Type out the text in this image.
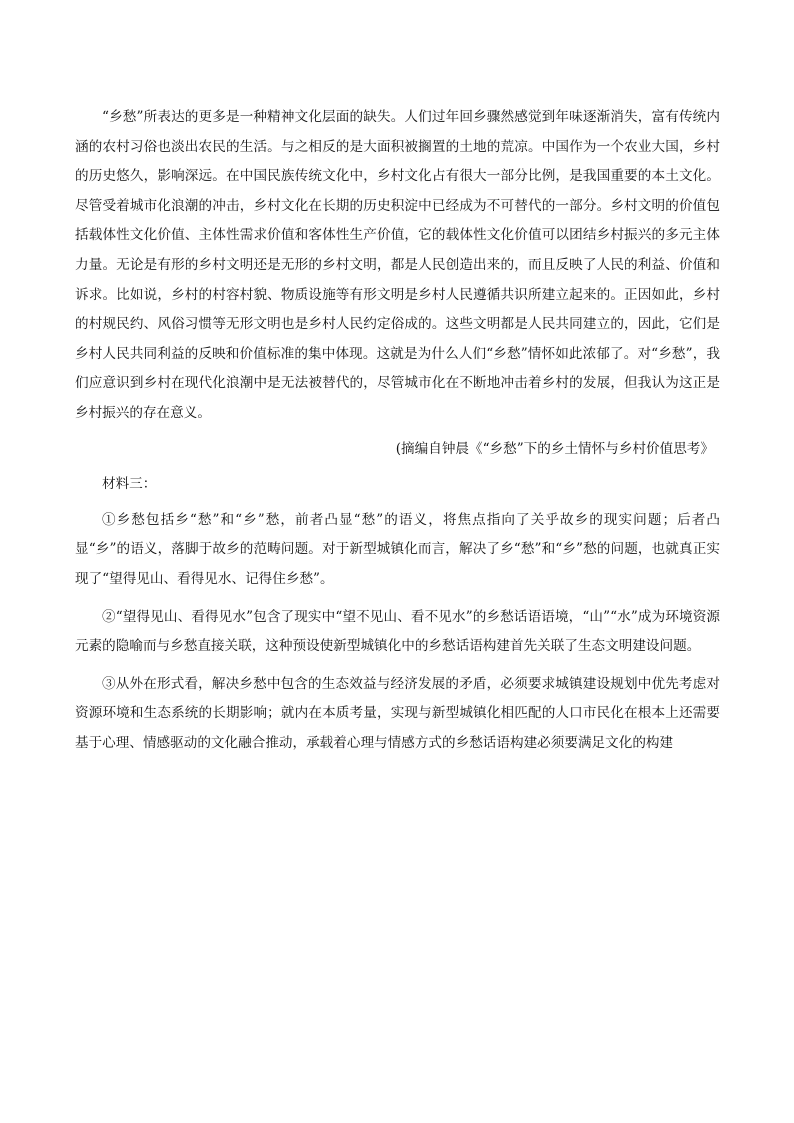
“乡愁”所表达的更多是一种精神文化层面的缺失。人们过年回乡骤然感觉到年味逐渐消失，富有传统内涵的农村习俗也淡出农民的生活。与之相反的是大面积被搁置的土地的荒凉。中国作为一个农业大国，乡村的历史悠久，影响深远。在中国民族传统文化中，乡村文化占有很大一部分比例，是我国重要的本土文化。尽管受着城市化浪潮的冲击，乡村文化在长期的历史积淀中已经成为不可替代的一部分。乡村文明的价值包括载体性文化价值、主体性需求价值和客体性生产价值，它的载体性文化价值可以团结乡村振兴的多元主体力量。无论是有形的乡村文明还是无形的乡村文明，都是人民创造出来的，而且反映了人民的利益、价值和诉求。比如说，乡村的村容村貌、物质设施等有形文明是乡村人民遵循共识所建立起来的。正因如此，乡村的村规民约、风俗习惯等无形文明也是乡村人民约定俗成的。这些文明都是人民共同建立的，因此，它们是乡村人民共同利益的反映和价值标准的集中体现。这就是为什么人们“乡愁”情怀如此浓郁了。对“乡愁”，我们应意识到乡村在现代化浪潮中是无法被替代的，尽管城市化在不断地冲击着乡村的发展，但我认为这正是乡村振兴的存在意义。

(摘编自钟晨《“乡愁”下的乡土情怀与乡村价值思考》

材料三：

①乡愁包括乡“愁”和“乡”愁，前者凸显“愁”的语义，将焦点指向了关乎故乡的现实问题；后者凸显“乡”的语义，落脚于故乡的范畴问题。对于新型城镇化而言，解决了乡“愁”和“乡”愁的问题，也就真正实现了“望得见山、看得见水、记得住乡愁”。

②“望得见山、看得见水”包含了现实中“望不见山、看不见水”的乡愁话语语境，“山”“水”成为环境资源元素的隐喻而与乡愁直接关联，这种预设使新型城镇化中的乡愁话语构建首先关联了生态文明建设问题。

③从外在形式看，解决乡愁中包含的生态效益与经济发展的矛盾，必须要求城镇建设规划中优先考虑对资源环境和生态系统的长期影响；就内在本质考量，实现与新型城镇化相匹配的人口市民化在根本上还需要基于心理、情感驱动的文化融合推动，承载着心理与情感方式的乡愁话语构建必须要满足文化的构建
